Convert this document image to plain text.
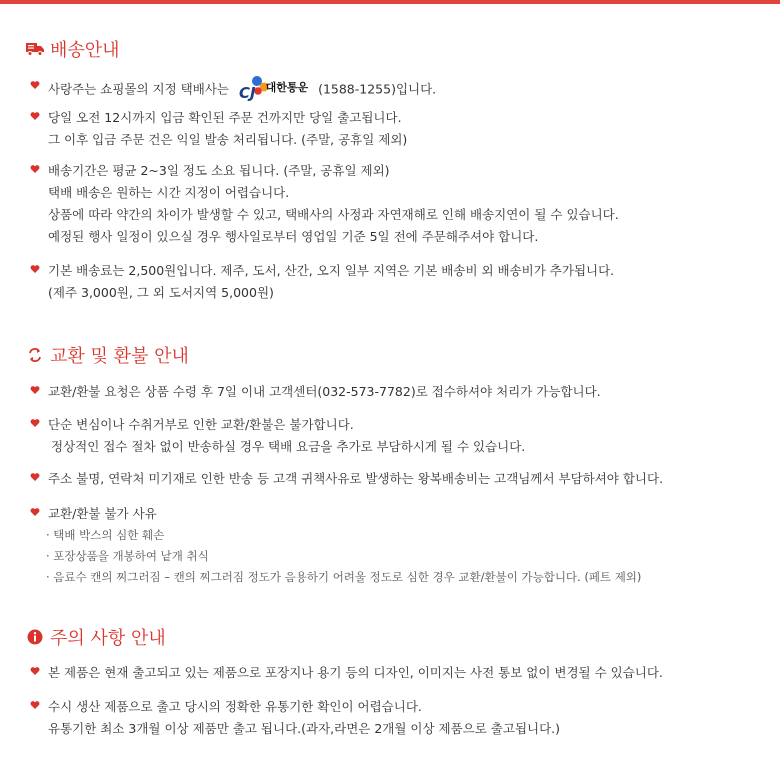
배송안내
사랑주는 쇼핑몰의 지정 택배사는 CJ 대한통운 (1588-1255)입니다.
당일 오전 12시까지 입금 확인된 주문 건까지만 당일 출고됩니다.
그 이후 입금 주문 건은 익일 발송 처리됩니다. (주말, 공휴일 제외)
배송기간은 평균 2~3일 정도 소요 됩니다. (주말, 공휴일 제외)
택배 배송은 원하는 시간 지정이 어렵습니다.
상품에 따라 약간의 차이가 발생할 수 있고, 택배사의 사정과 자연재해로 인해 배송지연이 될 수 있습니다.
예정된 행사 일정이 있으실 경우 행사일로부터 영업일 기준 5일 전에 주문해주셔야 합니다.
기본 배송료는 2,500원입니다. 제주, 도서, 산간, 오지 일부 지역은 기본 배송비 외 배송비가 추가됩니다.
(제주 3,000원, 그 외 도서지역 5,000원)
교환 및 환불 안내
교환/환불 요청은 상품 수령 후 7일 이내 고객센터(032-573-7782)로 접수하셔야 처리가 가능합니다.
단순 변심이나 수취거부로 인한 교환/환불은 불가합니다.
정상적인 접수 절차 없이 반송하실 경우 택배 요금을 추가로 부담하시게 될 수 있습니다.
주소 불명, 연락처 미기재로 인한 반송 등 고객 귀책사유로 발생하는 왕복배송비는 고객님께서 부담하셔야 합니다.
교환/환불 불가 사유
· 택배 박스의 심한 훼손
· 포장상품을 개봉하여 낱개 취식
· 음료수 캔의 찌그러짐 – 캔의 찌그러짐 정도가 음용하기 어려울 정도로 심한 경우 교환/환불이 가능합니다. (페트 제외)
주의 사항 안내
본 제품은 현재 출고되고 있는 제품으로 포장지나 용기 등의 디자인, 이미지는 사전 통보 없이 변경될 수 있습니다.
수시 생산 제품으로 출고 당시의 정확한 유통기한 확인이 어렵습니다.
유통기한 최소 3개월 이상 제품만 출고 됩니다.(과자,라면은 2개월 이상 제품으로 출고됩니다.)
